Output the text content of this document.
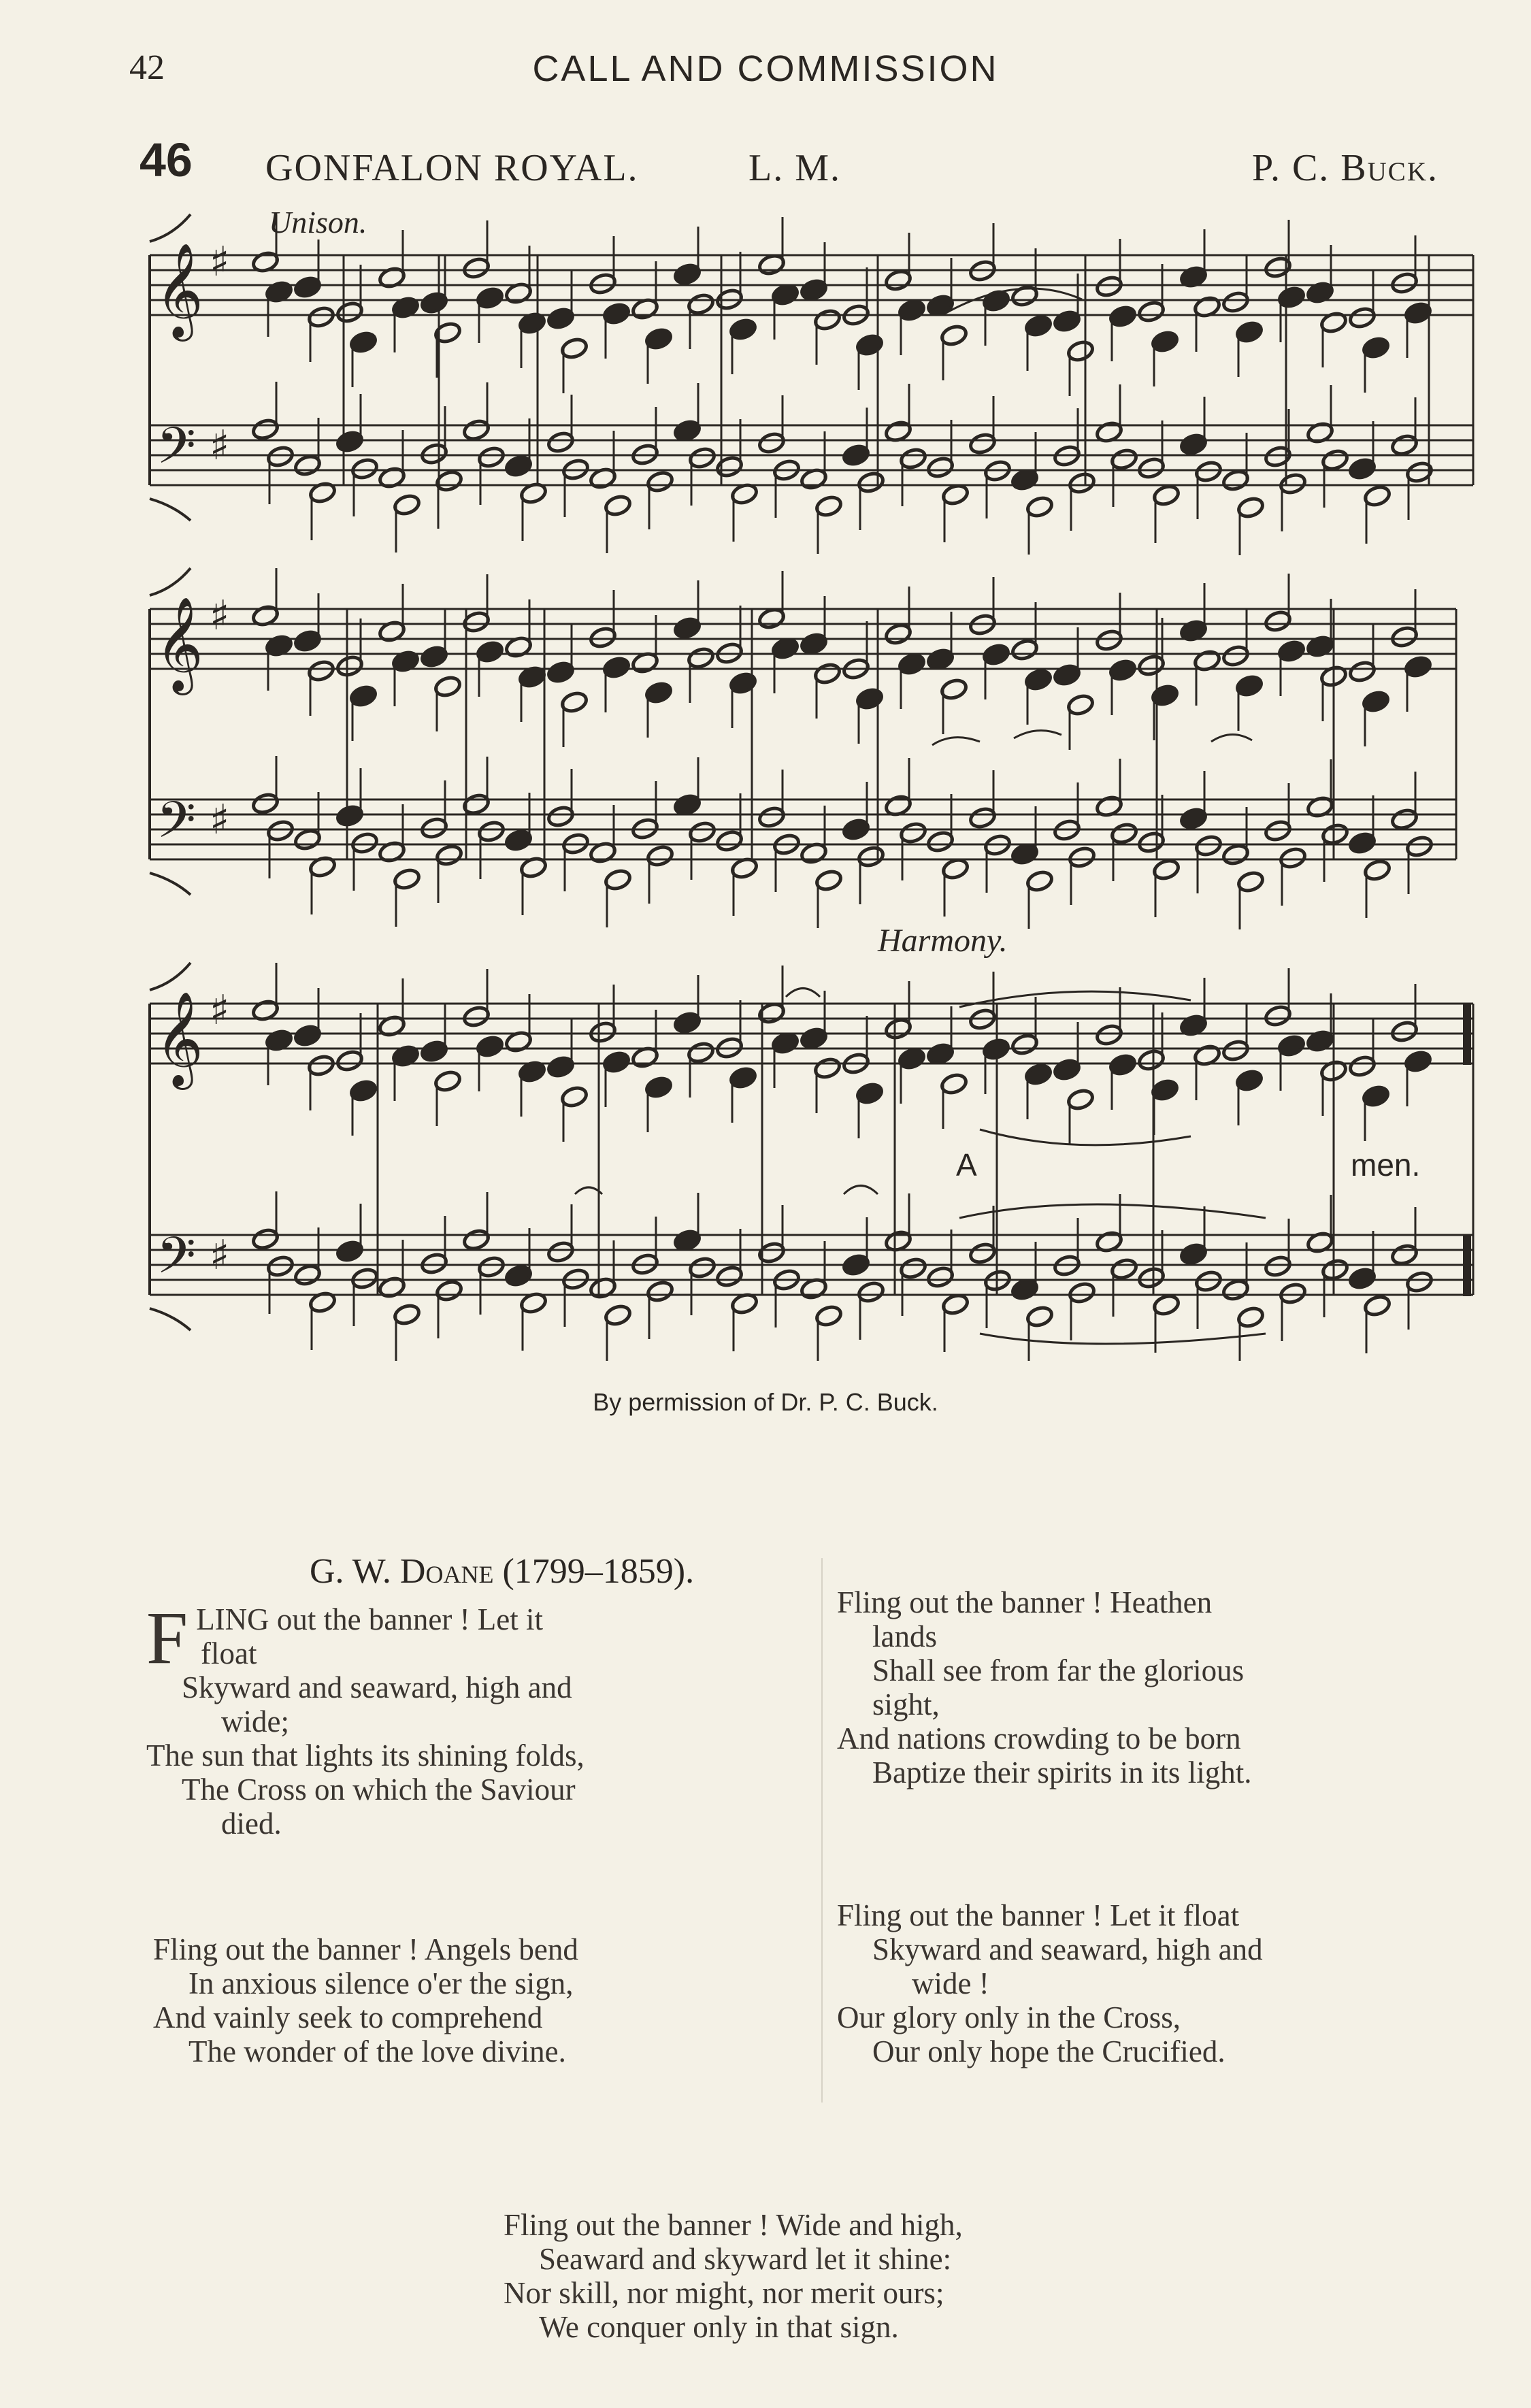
𝄞
𝄢
♯
♯
𝄞
𝄢
♯
♯
𝄞
𝄢
♯
♯
42	CALL AND COMMISSION
46 GONFALON ROYAL.	L. M.	P. C. Buck.
Unison.
Harmony.
A	men.
By permission of Dr. P. C. Buck.
G. W. Doane (1799–1859).
F LING out the banner ! Let it
float
Skyward and seaward, high and
wide;
The sun that lights its shining folds,
The Cross on which the Saviour
died.
Fling out the banner ! Angels bend
In anxious silence o'er the sign,
And vainly seek to comprehend
The wonder of the love divine.
Fling out the banner ! Heathen
lands
Shall see from far the glorious
sight,
And nations crowding to be born
Baptize their spirits in its light.
Fling out the banner ! Let it float
Skyward and seaward, high and
wide !
Our glory only in the Cross,
Our only hope the Crucified.
Fling out the banner ! Wide and high,
Seaward and skyward let it shine:
Nor skill, nor might, nor merit ours;
We conquer only in that sign.
